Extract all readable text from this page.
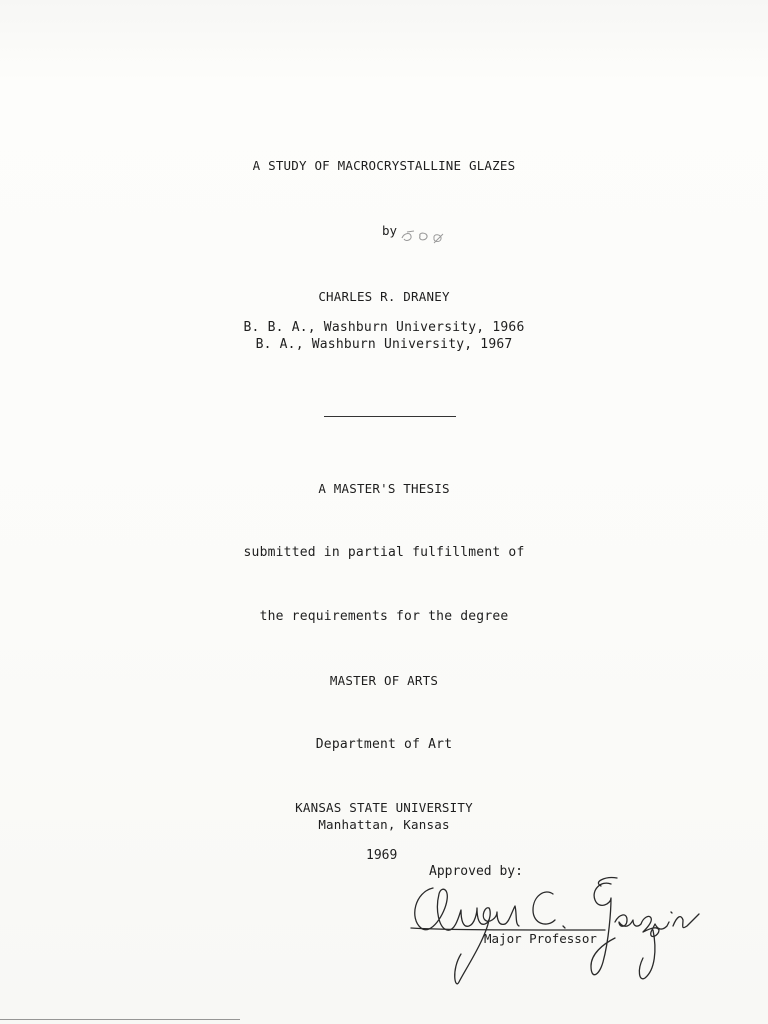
A STUDY OF MACROCRYSTALLINE GLAZES
by
CHARLES R. DRANEY
B. B. A., Washburn University, 1966
B. A., Washburn University, 1967
A MASTER'S THESIS
submitted in partial fulfillment of
the requirements for the degree
MASTER OF ARTS
Department of Art
KANSAS STATE UNIVERSITY
Manhattan, Kansas
1969
Approved by:
Major Professor
